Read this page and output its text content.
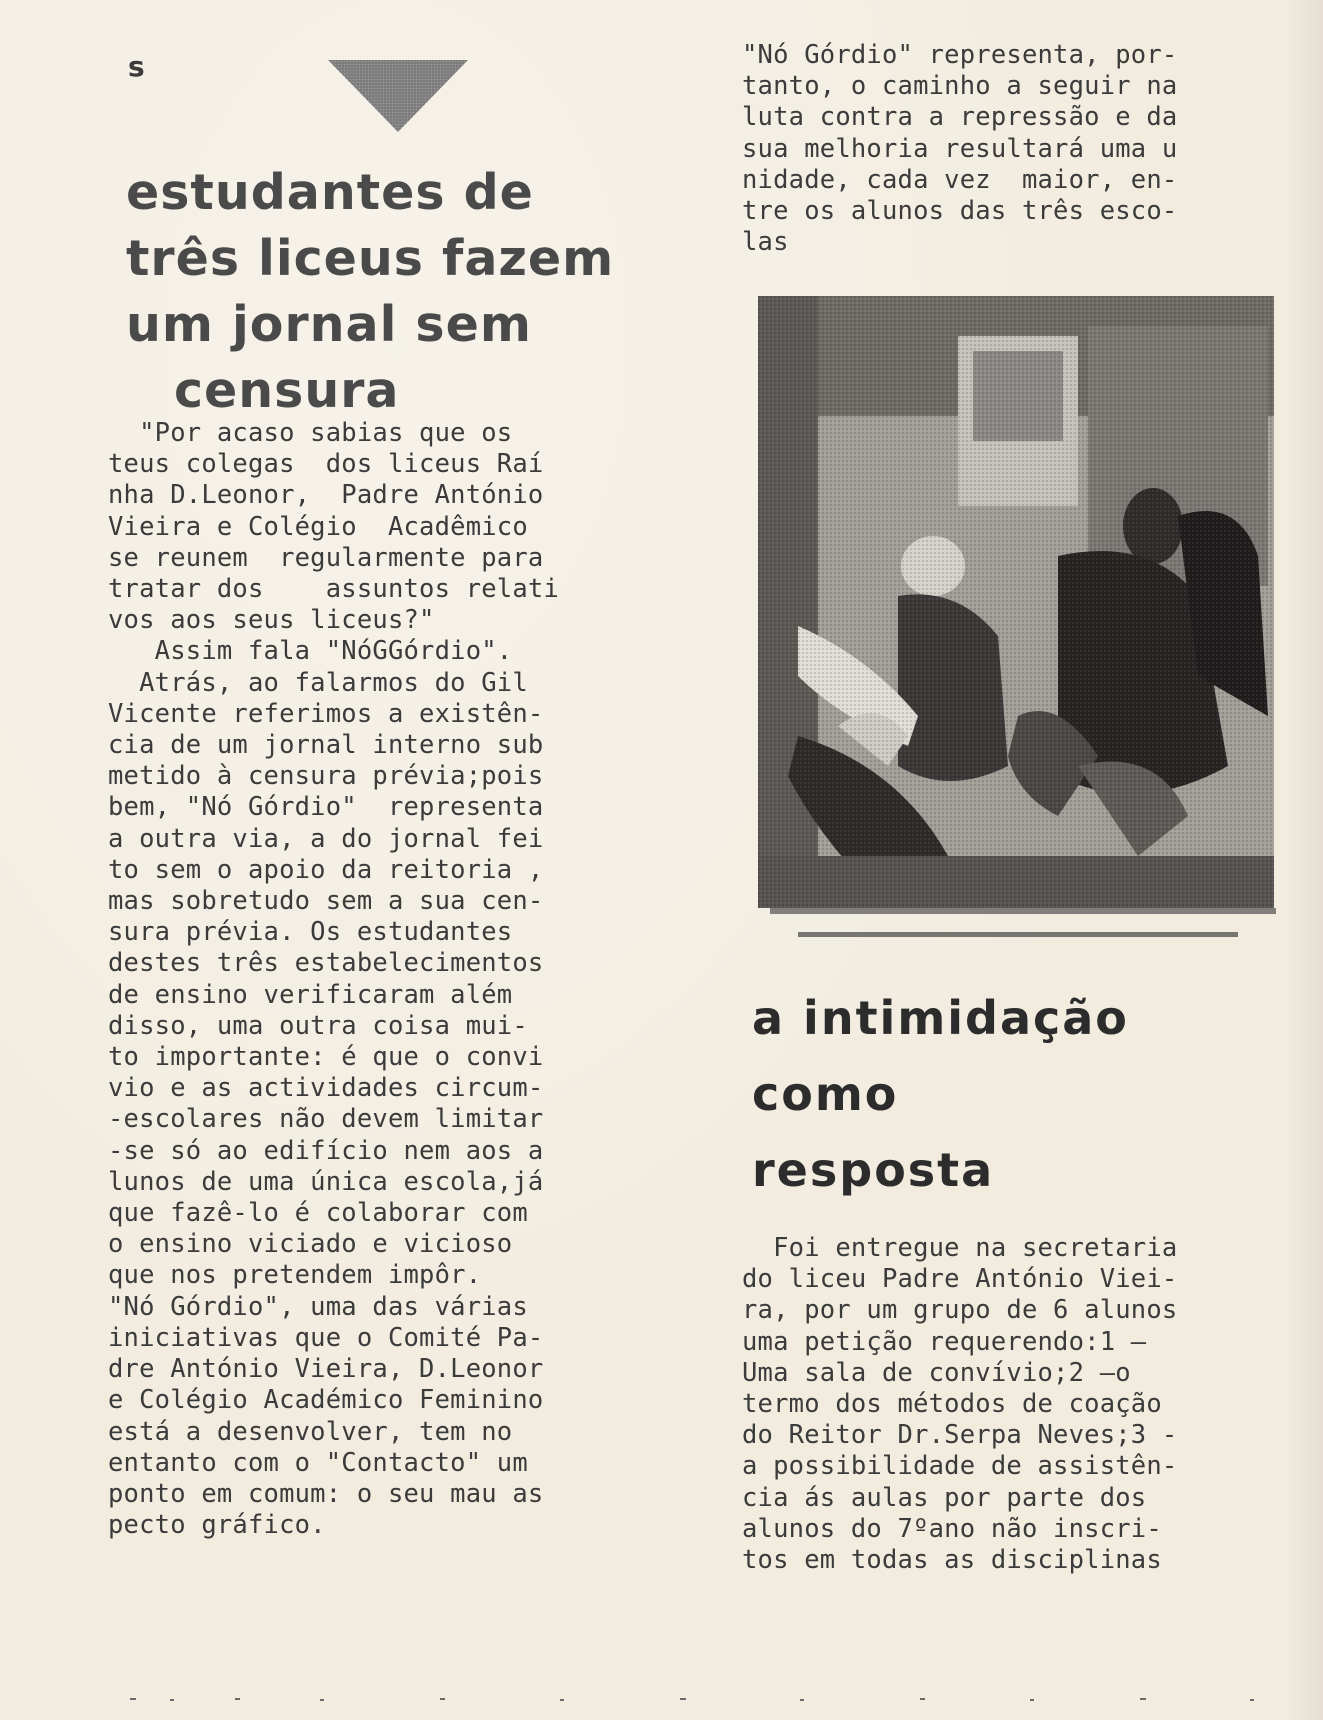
s
estudantes de
três liceus fazem
um jornal sem
censura

"Por acaso sabias que os

teus colegas  dos liceus Raí

nha D.Leonor,  Padre António

Vieira e Colégio  Acadêmico

se reunem  regularmente para

tratar dos    assuntos relati

vos aos seus liceus?"

Assim fala "NóGGórdio".

Atrás, ao falarmos do Gil

Vicente referimos a existên-

cia de um jornal interno sub

metido à censura prévia;pois

bem, "Nó Górdio"  representa

a outra via, a do jornal fei

to sem o apoio da reitoria ,

mas sobretudo sem a sua cen-

sura prévia. Os estudantes

destes três estabelecimentos

de ensino verificaram além

disso, uma outra coisa mui-

to importante: é que o convi

vio e as actividades circum-

-escolares não devem limitar

-se só ao edifício nem aos a

lunos de uma única escola,já

que fazê-lo é colaborar com

o ensino viciado e vicioso

que nos pretendem impôr.

"Nó Górdio", uma das várias

iniciativas que o Comité Pa-

dre António Vieira, D.Leonor

e Colégio Académico Feminino

está a desenvolver, tem no

entanto com o "Contacto" um

ponto em comum: o seu mau as

pecto gráfico.

"Nó Górdio" representa, por-

tanto, o caminho a seguir na

luta contra a repressão e da

sua melhoria resultará uma u

nidade, cada vez  maior, en-

tre os alunos das três esco-

las

a intimidação
como
resposta

Foi entregue na secretaria

do liceu Padre António Viei-

ra, por um grupo de 6 alunos

uma petição requerendo:1 —

Uma sala de convívio;2 —o

termo dos métodos de coação

do Reitor Dr.Serpa Neves;3 -

a possibilidade de assistên-

cia ás aulas por parte dos

alunos do 7ºano não inscri-

tos em todas as disciplinas
